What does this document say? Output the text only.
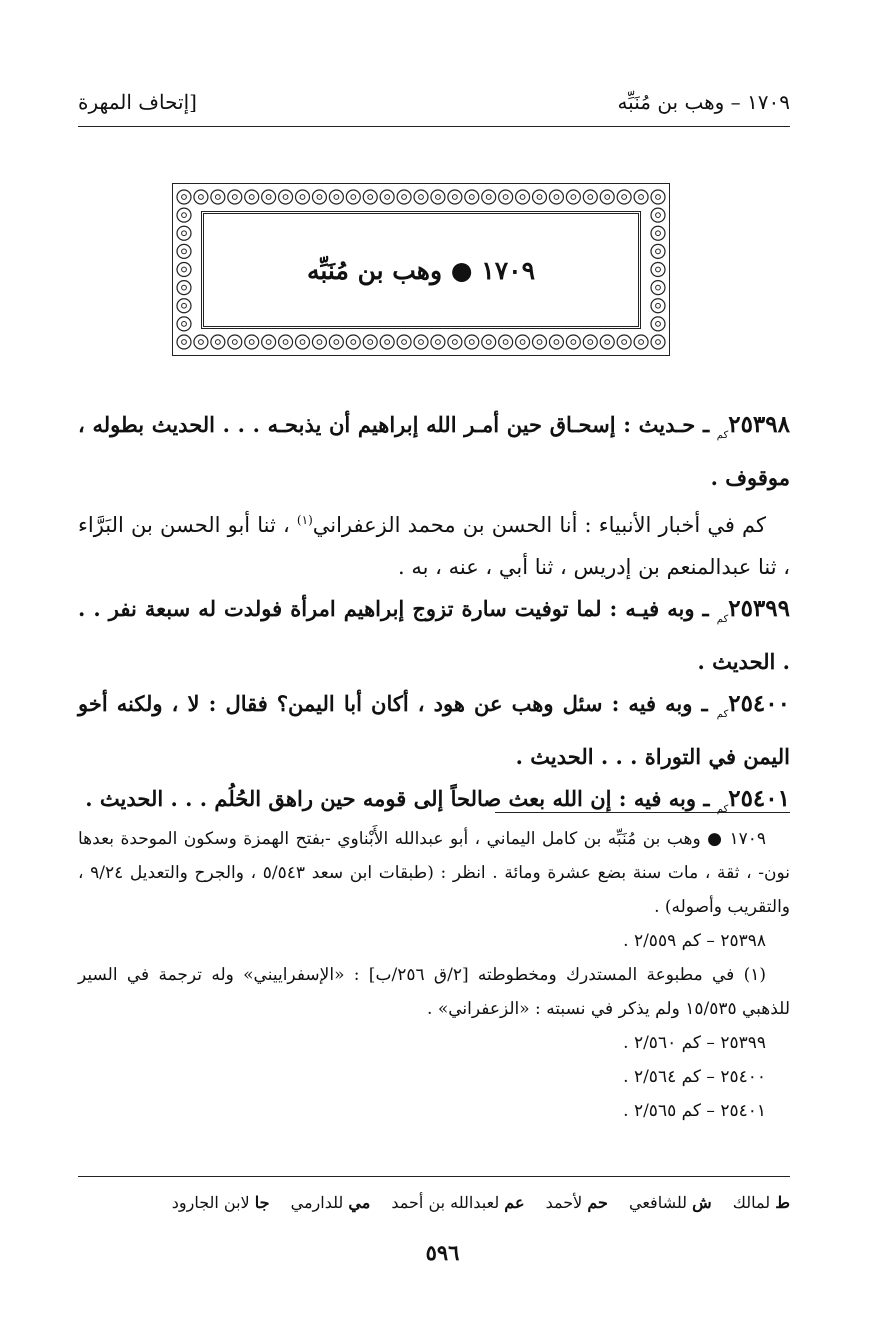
١٧٠٩ – وهب بن مُنَبِّه
[إتحاف المهرة
١٧٠٩ ● وهب بن مُنَبِّه

$٢٥٣٩٨_{كم}$ ـ حـديث : إسحـاق حين أمـر الله إبراهيم أن يذبحـه . . . الحديث بطوله ، موقوف .

كم في أخبار الأنبياء : أنا الحسن بن محمد الزعفراني$^{(١)}$ ، ثنا أبو الحسن بن البَرَّاء ، ثنا عبدالمنعم بن إدريس ، ثنا أبي ، عنه ، به .

$٢٥٣٩٩_{كم}$ ـ وبه فيـه : لما توفيت سارة تزوج إبراهيم امرأة فولدت له سبعة نفر . . . الحديث .

$٢٥٤٠٠_{كم}$ ـ وبه فيه : سئل وهب عن هود ، أكان أبا اليمن؟ فقال : لا ، ولكنه أخو اليمن في التوراة . . . الحديث .

$٢٥٤٠١_{كم}$ ـ وبه فيه : إن الله بعث صالحاً إلى قومه حين راهق الحُلُم . . . الحديث .

١٧٠٩ ● وهب بن مُنَبِّه بن كامل اليماني ، أبو عبدالله الأَبْناوي -بفتح الهمزة وسكون الموحدة بعدها نون- ، ثقة ، مات سنة بضع عشرة ومائة . انظر : (طبقات ابن سعد ٥/٥٤٣ ، والجرح والتعديل ٩/٢٤ ، والتقريب وأصوله) .

٢٥٣٩٨ – كم ٢/٥٥٩ .

(١) في مطبوعة المستدرك ومخطوطته [٢/ق ٢٥٦/ب] : «الإسفراييني» وله ترجمة في السير للذهبي ١٥/٥٣٥ ولم يذكر في نسبته : «الزعفراني» .

٢٥٣٩٩ – كم ٢/٥٦٠ .

٢٥٤٠٠ – كم ٢/٥٦٤ .

٢٥٤٠١ – كم ٢/٥٦٥ .

ط لمالك ش للشافعي حم لأحمد عم لعبدالله بن أحمد مي للدارمي جا لابن الجارود
٥٩٦
